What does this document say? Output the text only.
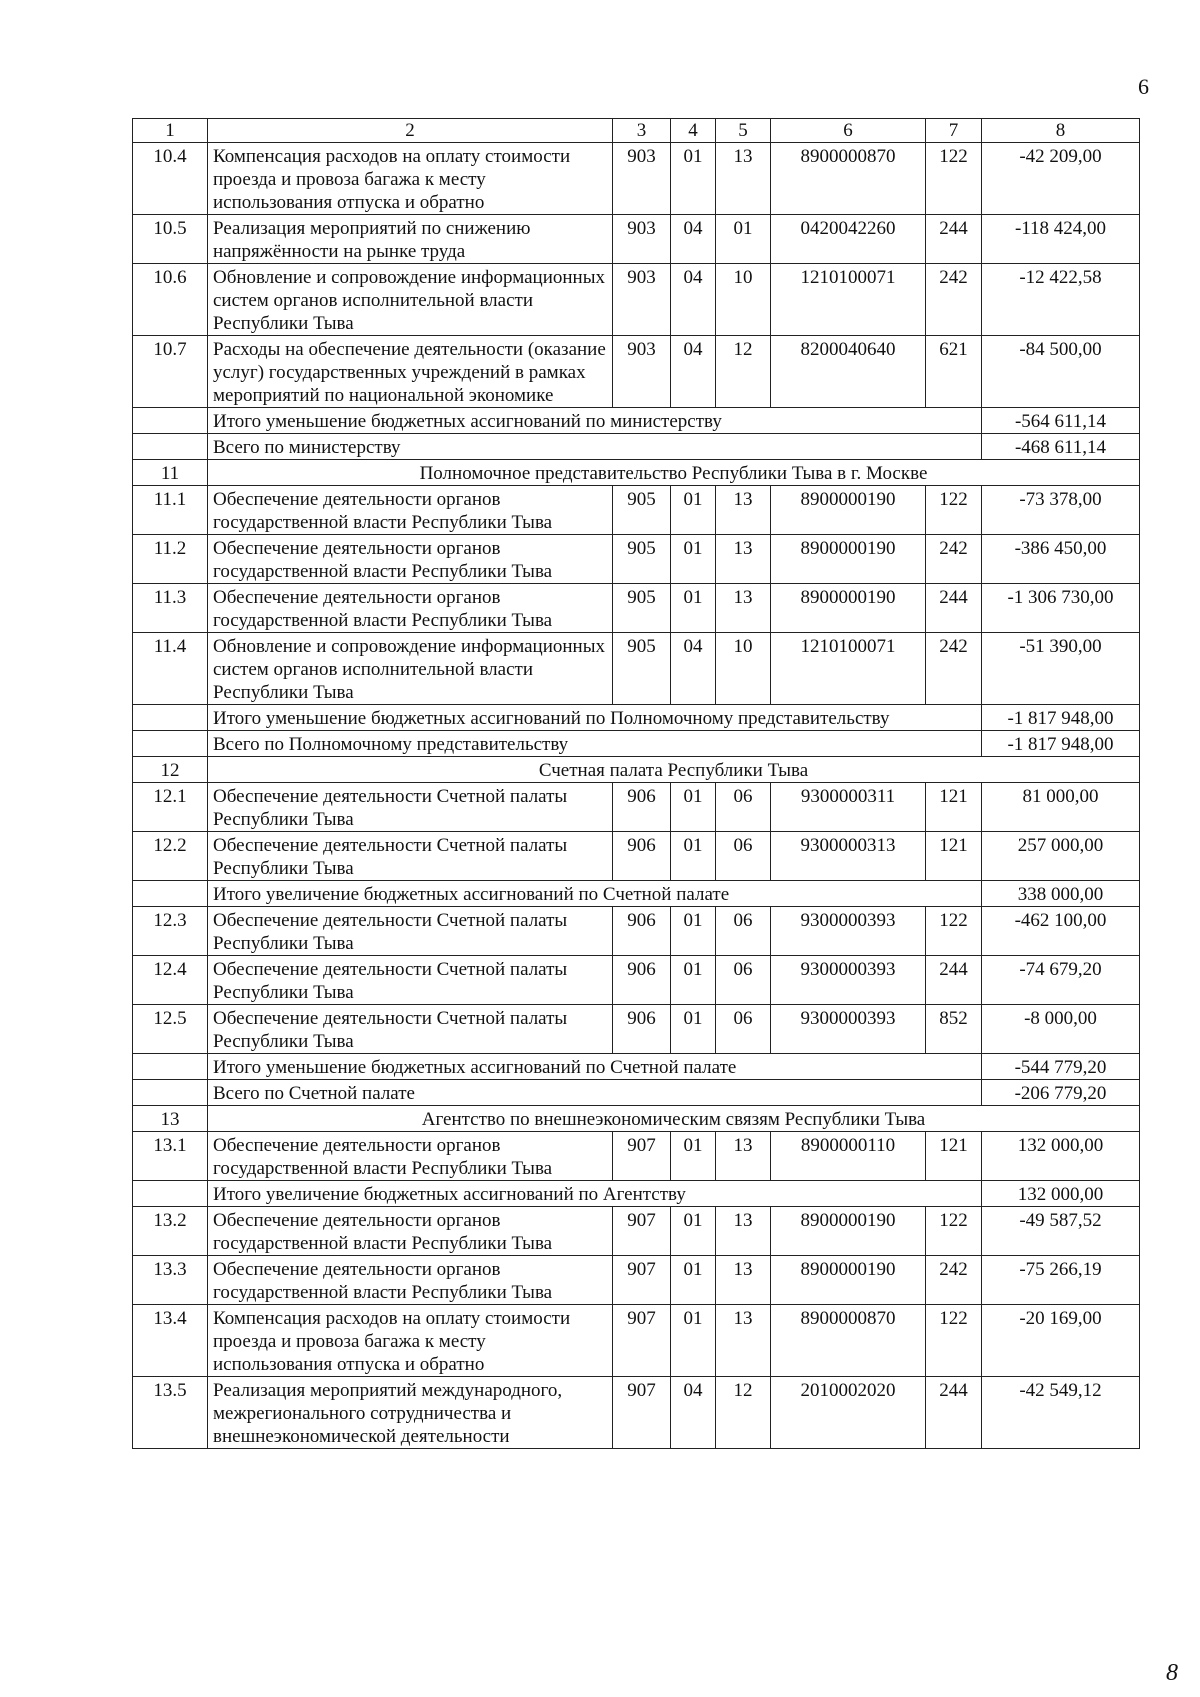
6
1	2	3	4	5	6	7	8
10.4	Компенсация расходов на оплату стоимости проезда и провоза багажа к месту использования отпуска и обратно	903	01	13	8900000870	122	-42 209,00
10.5	Реализация мероприятий по снижению напряжённости на рынке труда	903	04	01	0420042260	244	-118 424,00
10.6	Обновление и сопровождение информационных систем органов исполнительной власти Республики Тыва	903	04	10	1210100071	242	-12 422,58
10.7	Расходы на обеспечение деятельности (оказание услуг) государственных учреждений в рамках мероприятий по национальной экономике	903	04	12	8200040640	621	-84 500,00
	Итого уменьшение бюджетных ассигнований по министерству						-564 611,14
	Всего по министерству						-468 611,14
11	Полномочное представительство Республики Тыва в г. Москве						
11.1	Обеспечение деятельности органов государственной власти Республики Тыва	905	01	13	8900000190	122	-73 378,00
11.2	Обеспечение деятельности органов государственной власти Республики Тыва	905	01	13	8900000190	242	-386 450,00
11.3	Обеспечение деятельности органов государственной власти Республики Тыва	905	01	13	8900000190	244	-1 306 730,00
11.4	Обновление и сопровождение информационных систем органов исполнительной власти Республики Тыва	905	04	10	1210100071	242	-51 390,00
	Итого уменьшение бюджетных ассигнований по Полномочному представительству						-1 817 948,00
	Всего по Полномочному представительству						-1 817 948,00
12	Счетная палата Республики Тыва						
12.1	Обеспечение деятельности Счетной палаты Республики Тыва	906	01	06	9300000311	121	81 000,00
12.2	Обеспечение деятельности Счетной палаты Республики Тыва	906	01	06	9300000313	121	257 000,00
	Итого увеличение бюджетных ассигнований по Счетной палате						338 000,00
12.3	Обеспечение деятельности Счетной палаты Республики Тыва	906	01	06	9300000393	122	-462 100,00
12.4	Обеспечение деятельности Счетной палаты Республики Тыва	906	01	06	9300000393	244	-74 679,20
12.5	Обеспечение деятельности Счетной палаты Республики Тыва	906	01	06	9300000393	852	-8 000,00
	Итого уменьшение бюджетных ассигнований по Счетной палате						-544 779,20
	Всего по Счетной палате						-206 779,20
13	Агентство по внешнеэкономическим связям Республики Тыва						
13.1	Обеспечение деятельности органов государственной власти Республики Тыва	907	01	13	8900000110	121	132 000,00
	Итого увеличение бюджетных ассигнований по Агентству						132 000,00
13.2	Обеспечение деятельности органов государственной власти Республики Тыва	907	01	13	8900000190	122	-49 587,52
13.3	Обеспечение деятельности органов государственной власти Республики Тыва	907	01	13	8900000190	242	-75 266,19
13.4	Компенсация расходов на оплату стоимости проезда и провоза багажа к месту использования отпуска и обратно	907	01	13	8900000870	122	-20 169,00
13.5	Реализация мероприятий международного, межрегионального сотрудничества и внешнеэкономической деятельности	907	04	12	2010002020	244	-42 549,12
8
